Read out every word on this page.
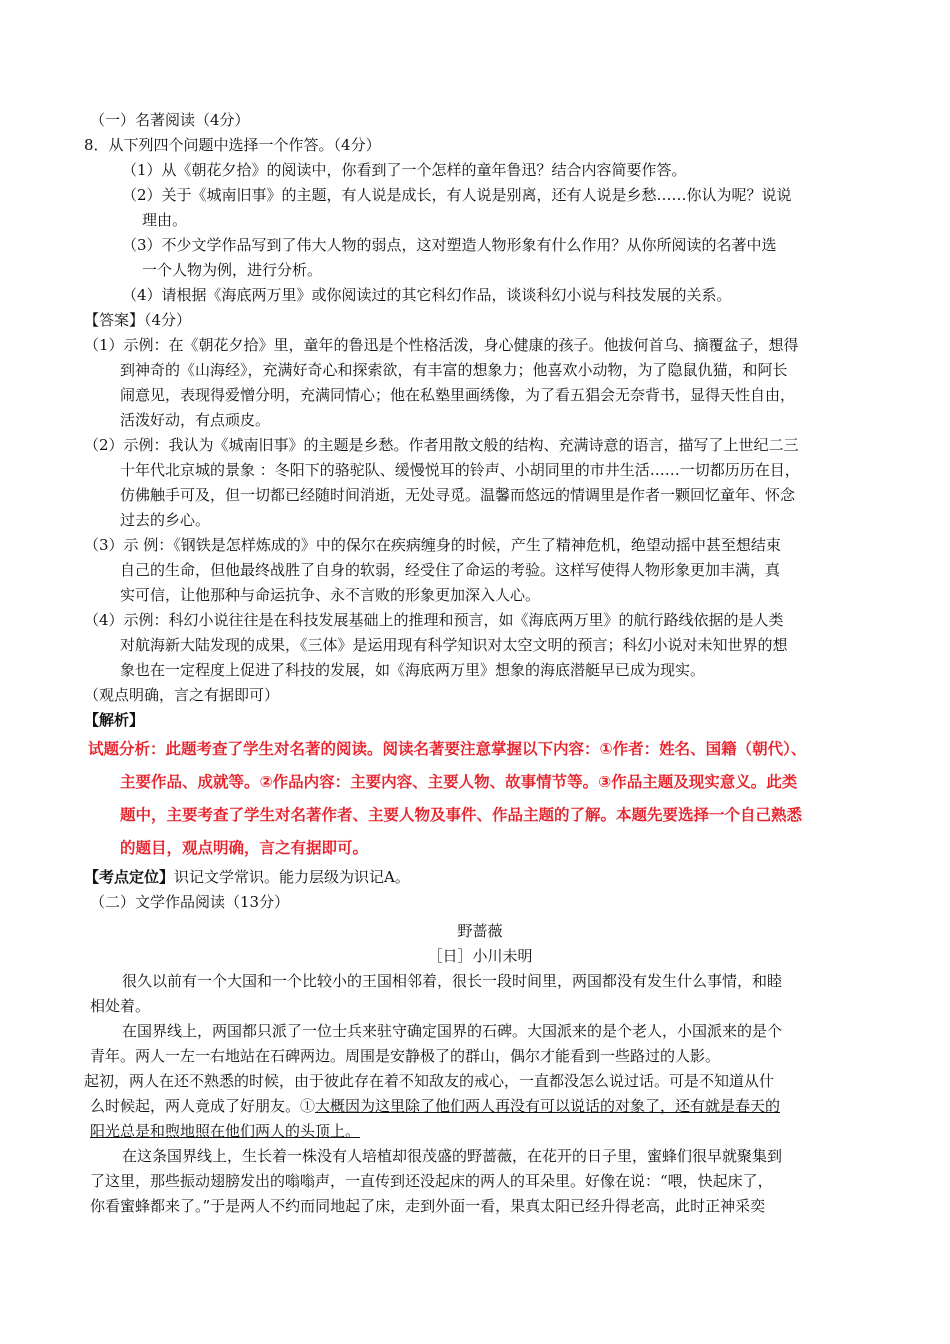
（一）名著阅读（4分）
8．从下列四个问题中选择一个作答。（4分）
（1）从《朝花夕拾》的阅读中，你看到了一个怎样的童年鲁迅？结合内容简要作答。
（2）关于《城南旧事》的主题，有人说是成长，有人说是别离，还有人说是乡愁……你认为呢？说说
理由。
（3）不少文学作品写到了伟大人物的弱点，这对塑造人物形象有什么作用？从你所阅读的名著中选
一个人物为例，进行分析。
（4）请根据《海底两万里》或你阅读过的其它科幻作品，谈谈科幻小说与科技发展的关系。
【答案】（4分）
（1）示例：在《朝花夕拾》里，童年的鲁迅是个性格活泼，身心健康的孩子。他拔何首乌、摘覆盆子，想得
到神奇的《山海经》，充满好奇心和探索欲，有丰富的想象力；他喜欢小动物，为了隐鼠仇猫，和阿长
闹意见，表现得爱憎分明，充满同情心；他在私塾里画绣像，为了看五猖会无奈背书，显得天性自由，
活泼好动，有点顽皮。
（2）示例：我认为《城南旧事》的主题是乡愁。作者用散文般的结构、充满诗意的语言，描写了上世纪二三
十年代北京城的景象 ：冬阳下的骆驼队、缓慢悦耳的铃声、小胡同里的市井生活……一切都历历在目，
仿佛触手可及，但一切都已经随时间消逝，无处寻觅。温馨而悠远的情调里是作者一颗回忆童年、怀念
过去的乡心。
（3）示 例：《钢铁是怎样炼成的》中的保尔在疾病缠身的时候，产生了精神危机，绝望动摇中甚至想结束
自己的生命，但他最终战胜了自身的软弱，经受住了命运的考验。这样写使得人物形象更加丰满，真
实可信，让他那种与命运抗争、永不言败的形象更加深入人心。
（4）示例：科幻小说往往是在科技发展基础上的推理和预言，如《海底两万里》的航行路线依据的是人类
对航海新大陆发现的成果，《三体》是运用现有科学知识对太空文明的预言；科幻小说对未知世界的想
象也在一定程度上促进了科技的发展，如《海底两万里》想象的海底潜艇早已成为现实。
（观点明确，言之有据即可）
【解析】
试题分析：此题考查了学生对名著的阅读。阅读名著要注意掌握以下内容：①作者：姓名、国籍（朝代）、
主要作品、成就等。②作品内容：主要内容、主要人物、故事情节等。③作品主题及现实意义。此类
题中，主要考查了学生对名著作者、主要人物及事件、作品主题的了解。本题先要选择一个自己熟悉
的题目，观点明确，言之有据即可。
【考点定位】识记文学常识。能力层级为识记A。
（二）文学作品阅读（13分）
野蔷薇
［日］小川未明
很久以前有一个大国和一个比较小的王国相邻着，很长一段时间里，两国都没有发生什么事情，和睦
相处着。
在国界线上，两国都只派了一位士兵来驻守确定国界的石碑。大国派来的是个老人，小国派来的是个
青年。两人一左一右地站在石碑两边。周围是安静极了的群山，偶尔才能看到一些路过的人影。
起初，两人在还不熟悉的时候，由于彼此存在着不知敌友的戒心，一直都没怎么说过话。可是不知道从什
么时候起，两人竟成了好朋友。①大概因为这里除了他们两人再没有可以说话的对象了，还有就是春天的
阳光总是和煦地照在他们两人的头顶上。
在这条国界线上，生长着一株没有人培植却很茂盛的野蔷薇，在花开的日子里，蜜蜂们很早就聚集到
了这里，那些振动翅膀发出的嗡嗡声，一直传到还没起床的两人的耳朵里。好像在说：“喂，快起床了，
你看蜜蜂都来了。”于是两人不约而同地起了床，走到外面一看，果真太阳已经升得老高，此时正神采奕
